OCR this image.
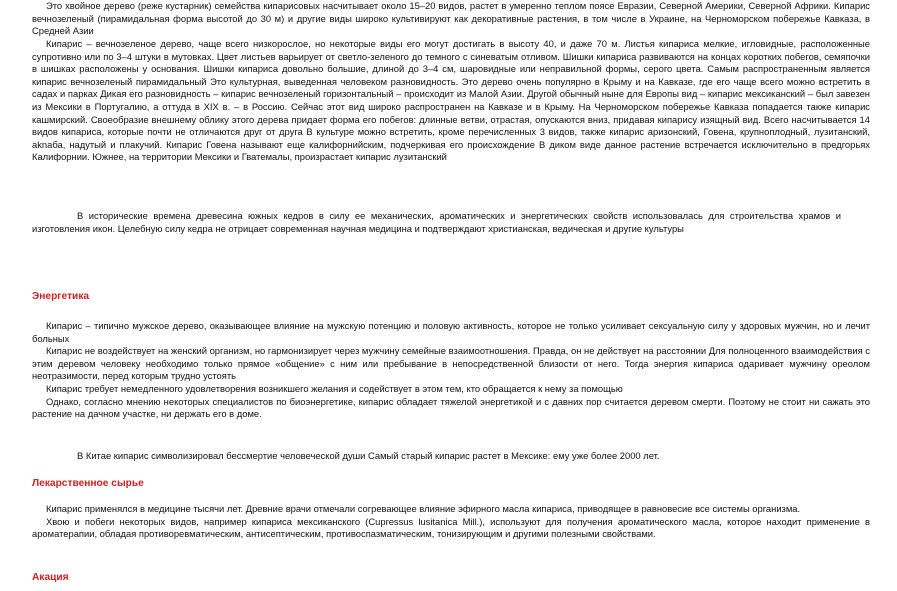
Это хвойное дерево (реже кустарник) семейства кипарисовых насчитывает около 15–20 видов, растет в умеренно теплом поясе Евразии, Северной Америки, Северной Африки. Кипарис вечнозеленый (пирамидальная форма высотой до 30 м) и другие виды широко культивируют как декоративные растения, в том числе в Украине, на Черноморском побережье Кавказа, в Средней Азии

Кипарис – вечнозеленое дерево, чаще всего низкорослое, но некоторые виды его могут достигать в высоту 40, и даже 70 м. Листья кипариса мелкие, игловидные, расположенные супротивно или по 3–4 штуки в мутовках. Цвет листьев варьирует от светло-зеленого до темного с синеватым отливом. Шишки кипариса развиваются на концах коротких побегов, семяпочки в шишках расположены у основания. Шишки кипариса довольно большие, длиной до 3–4 см, шаровидные или неправильной формы, серого цвета. Самым распространенным является кипарис вечнозеленый пирамидальный Это культурная, выведенная человеком разновидность. Это дерево очень популярно в Крыму и на Кавказе, где его чаще всего можно встретить в садах и парках Дикая его разновидность – кипарис вечнозеленый горизонтальный – происходит из Малой Азии. Другой обычный ныне для Европы вид – кипарис мексиканский – был завезен из Мексики в Португалию, а оттуда в XIX в. – в Россию. Сейчас этот вид широко распространен на Кавказе и в Крыму. На Черноморском побережье Кавказа попадается также кипарис кашмирский. Своеобразие внешнему облику этого дерева придает форма его побегов: длинные ветви, отрастая, опускаются вниз, придавая кипарису изящный вид. Всего насчитывается 14 видов кипариса, которые почти не отличаются друг от друга В культуре можно встретить, кроме перечисленных 3 видов, также кипарис аризонский, Говена, крупноплодный, лузитанский, аknаба, надутый и плакучий. Кипарис Говена называют еще калифорнийским, подчеркивая его происхождение В диком виде данное растение встречается исключительно в предгорьях Калифорнии. Южнее, на территории Мексики и Гватемалы, произрастает кипарис лузитанский

В исторические времена древесина южных кедров в силу ее механических, ароматических и энергетических свойств использовалась для строительства храмов и изготовления икон. Целебную силу кедра не отрицает современная научная медицина и подтверждают христианская, ведическая и другие культуры
Энергетика

Кипарис – типично мужское дерево, оказывающее влияние на мужскую потенцию и половую активность, которое не только усиливает сексуальную силу у здоровых мужчин, но и лечит больных

Кипарис не воздействует на женский организм, но гармонизирует через мужчину семейные взаимоотношения. Правда, он не действует на расстоянии Для полноценного взаимодействия с этим деревом человеку необходимо только прямое «общение» с ним или пребывание в непосредственной близости от него. Тогда энергия кипариса одаривает мужчину ореолом неотразимости, перед которым трудно устоять

Кипарис требует немедленного удовлетворения возникшего желания и содействует в этом тем, кто обращается к нему за помощью

Однако, согласно мнению некоторых специалистов по биоэнергетике, кипарис обладает тяжелой энергетикой и с давних пор считается деревом смерти. Поэтому не стоит ни сажать это растение на дачном участке, ни держать его в доме.

В Китае кипарис символизировал бессмертие человеческой души Самый старый кипарис растет в Мексике: ему уже более 2000 лет.
Лекарственное сырье

Кипарис применялся в медицине тысячи лет. Древние врачи отмечали согревающее влияние эфирного масла кипариса, приводящее в равновесие все системы организма.

Хвою и побеги некоторых видов, например кипариса мексиканского (Cupressus lusitanica Mill.), используют для получения ароматического масла, которое находит применение в ароматерапии, обладая противоревматическим, антисептическим, противоспазматическим, тонизирующим и другими полезными свойствами.

Акация
